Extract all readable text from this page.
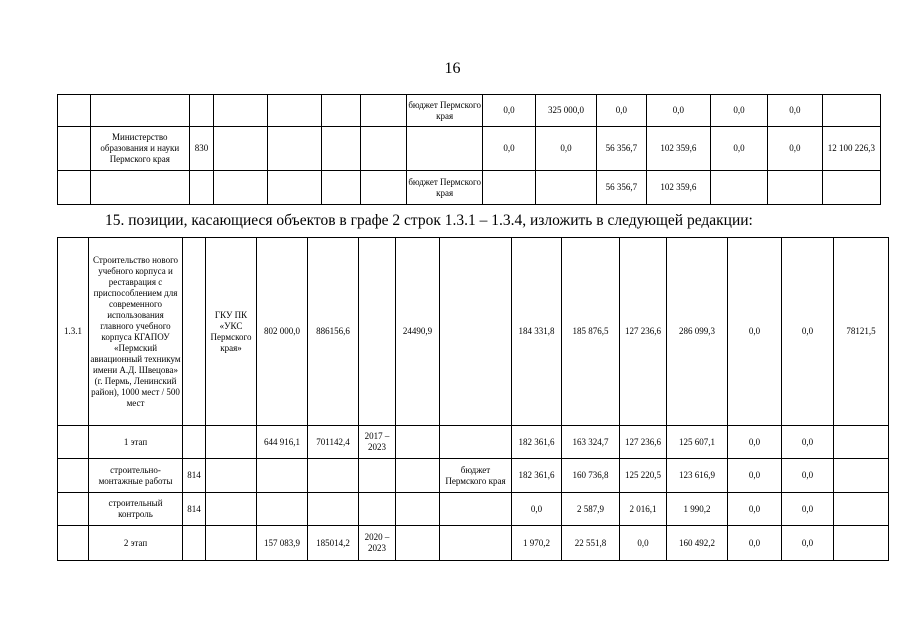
16
							бюджет Пермского края	0,0	325 000,0	0,0	0,0	0,0	0,0	
	Министерство образования и науки Пермского края	830						0,0	0,0	56 356,7	102 359,6	0,0	0,0	12 100 226,3
							бюджет Пермского края			56 356,7	102 359,6			
15. позиции, касающиеся объектов в графе 2 строк 1.3.1 – 1.3.4, изложить в следующей редакции:
1.3.1	Строительство нового учебного корпуса и реставрация с приспособлением для современного использования главного учебного корпуса КГАПОУ «Пермский авиационный техникум имени А.Д. Швецова» (г. Пермь, Ленинский район), 1000 мест / 500 мест		ГКУ ПК «УКС Пермского края»	802 000,0	886156,6		24490,9		184 331,8	185 876,5	127 236,6	286 099,3	0,0	0,0	78121,5
	1 этап			644 916,1	701142,4	2017 – 2023			182 361,6	163 324,7	127 236,6	125 607,1	0,0	0,0	
	строительно-монтажные работы	814						бюджет Пермского края	182 361,6	160 736,8	125 220,5	123 616,9	0,0	0,0	
	строительный контроль	814							0,0	2 587,9	2 016,1	1 990,2	0,0	0,0	
	2 этап			157 083,9	185014,2	2020 – 2023			1 970,2	22 551,8	0,0	160 492,2	0,0	0,0	
